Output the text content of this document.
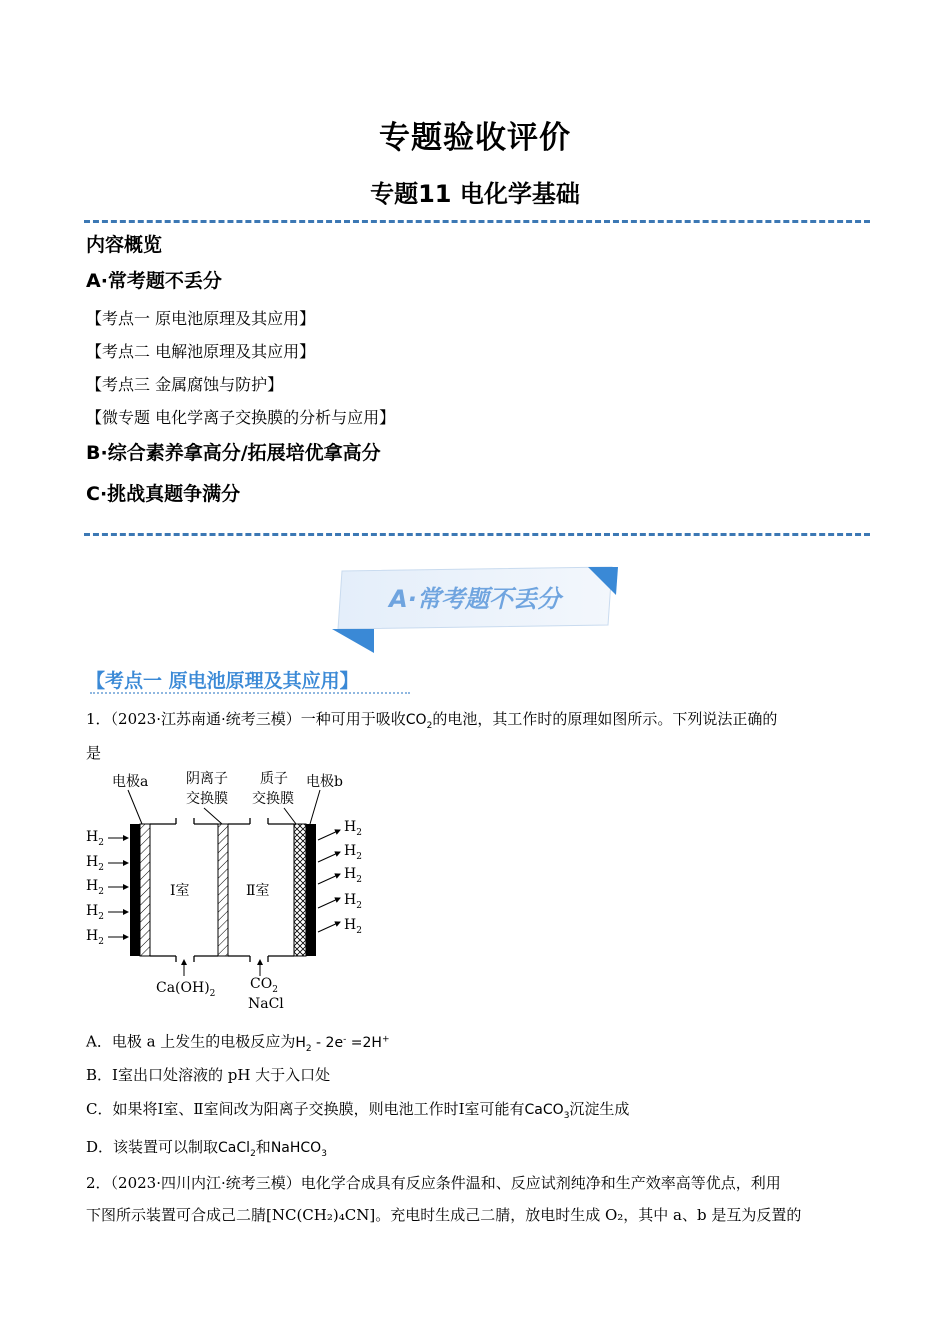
专题验收评价
专题11 电化学基础
内容概览
A·常考题不丢分
【考点一 原电池原理及其应用】
【考点二 电解池原理及其应用】
【考点三 金属腐蚀与防护】
【微专题 电化学离子交换膜的分析与应用】
B·综合素养拿高分/拓展培优拿高分
C·挑战真题争满分
A·常考题不丢分
【考点一 原电池原理及其应用】
1．（2023·江苏南通·统考三模）一种可用于吸收$CO_2$的电池，其工作时的原理如图所示。下列说法正确的
是
电极a	阴离子
交换膜
质子
交换膜
电极b
Ⅰ室	Ⅱ室
$H_2$
$H_2$
$H_2$
$H_2$
$H_2$
$H_2$
$H_2$
$H_2$
$H_2$
$H_2$
$Ca(OH)_2$
$CO_2$
NaCl
A．电极 a 上发生的电极反应为$H_2 - 2e^- =2H^+$
B．Ⅰ室出口处溶液的 pH 大于入口处
C．如果将Ⅰ室、Ⅱ室间改为阳离子交换膜，则电池工作时Ⅰ室可能有CaCO$_3$沉淀生成
D．该装置可以制取CaCl$_2$和NaHCO$_3$
2．（2023·四川内江·统考三模）电化学合成具有反应条件温和、反应试剂纯净和生产效率高等优点，利用
下图所示装置可合成己二腈[NC(CH₂)₄CN]。充电时生成己二腈，放电时生成 O₂，其中 a、b 是互为反置的
